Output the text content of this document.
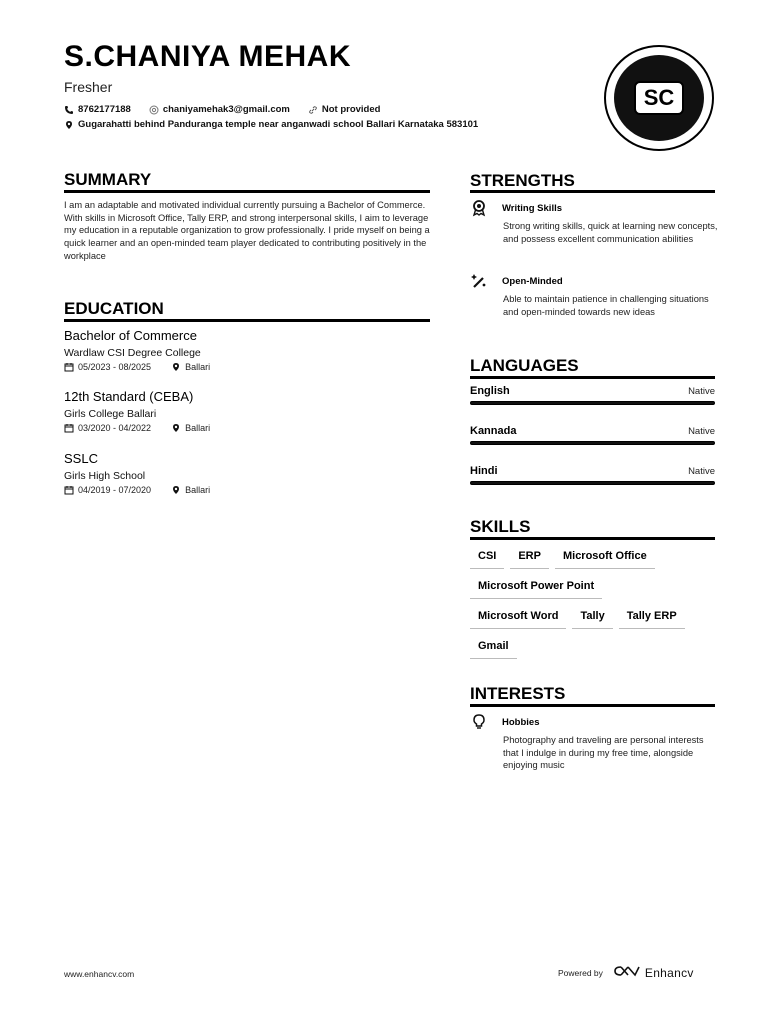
S.CHANIYA MEHAK
Fresher
8762177188	chaniyamehak3@gmail.com	Not provided
Gugarahatti behind Panduranga temple near anganwadi school Ballari Karnataka 583101
SC
SUMMARY
I am an adaptable and motivated individual currently pursuing a Bachelor of Commerce. With skills in Microsoft Office, Tally ERP, and strong interpersonal skills, I aim to leverage my education in a reputable organization to grow professionally. I pride myself on being a quick learner and an open-minded team player dedicated to contributing positively in the workplace
EDUCATION
Bachelor of Commerce
Wardlaw CSI Degree College
05/2023 - 08/2025	Ballari
12th Standard (CEBA)
Girls College Ballari
03/2020 - 04/2022	Ballari
SSLC
Girls High School
04/2019 - 07/2020	Ballari
STRENGTHS
Writing Skills
Strong writing skills, quick at learning new concepts, and possess excellent communication abilities
Open-Minded
Able to maintain patience in challenging situations and open-minded towards new ideas
LANGUAGES
English	Native
Kannada	Native
Hindi	Native
SKILLS
CSI	ERP	Microsoft Office
Microsoft Power Point
Microsoft Word	Tally	Tally ERP
Gmail
INTERESTS
Hobbies
Photography and traveling are personal interests that I indulge in during my free time, alongside enjoying music
www.enhancv.com	Powered by	Enhancv
